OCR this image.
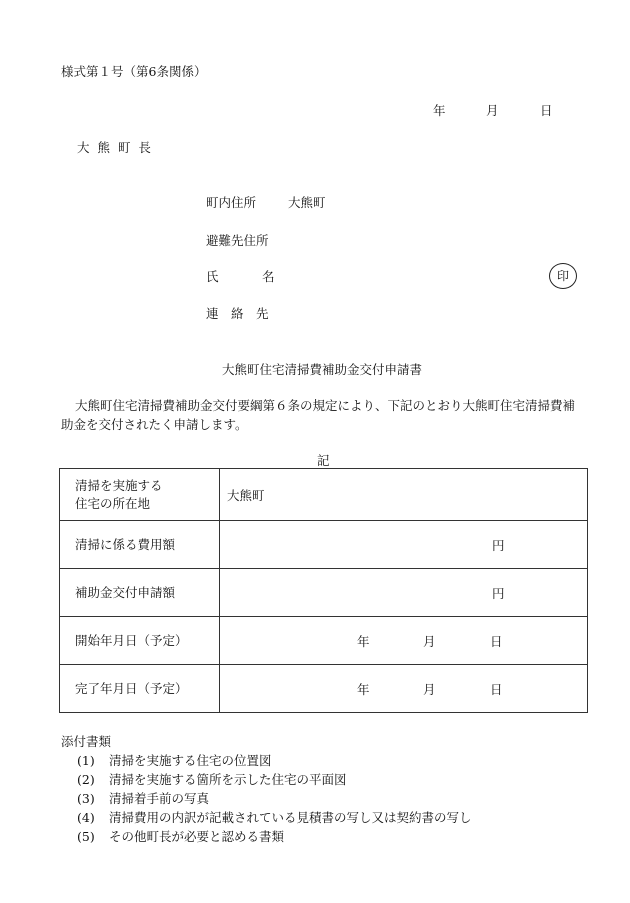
様式第１号（第6条関係）
年	月	日
大 熊 町 長
町内住所	大熊町
避難先住所
氏	名	印
連　絡　先
大熊町住宅清掃費補助金交付申請書
大熊町住宅清掃費補助金交付要綱第６条の規定により、下記のとおり大熊町住宅清掃費補助金を交付されたく申請します。
記
清掃を実施する
住宅の所在地	大熊町

清掃に係る費用額	円

補助金交付申請額	円

開始年月日（予定）	年 月 日

完了年月日（予定）	年 月 日
添付書類
(1) 清掃を実施する住宅の位置図
(2) 清掃を実施する箇所を示した住宅の平面図
(3) 清掃着手前の写真
(4) 清掃費用の内訳が記載されている見積書の写し又は契約書の写し
(5) その他町長が必要と認める書類
